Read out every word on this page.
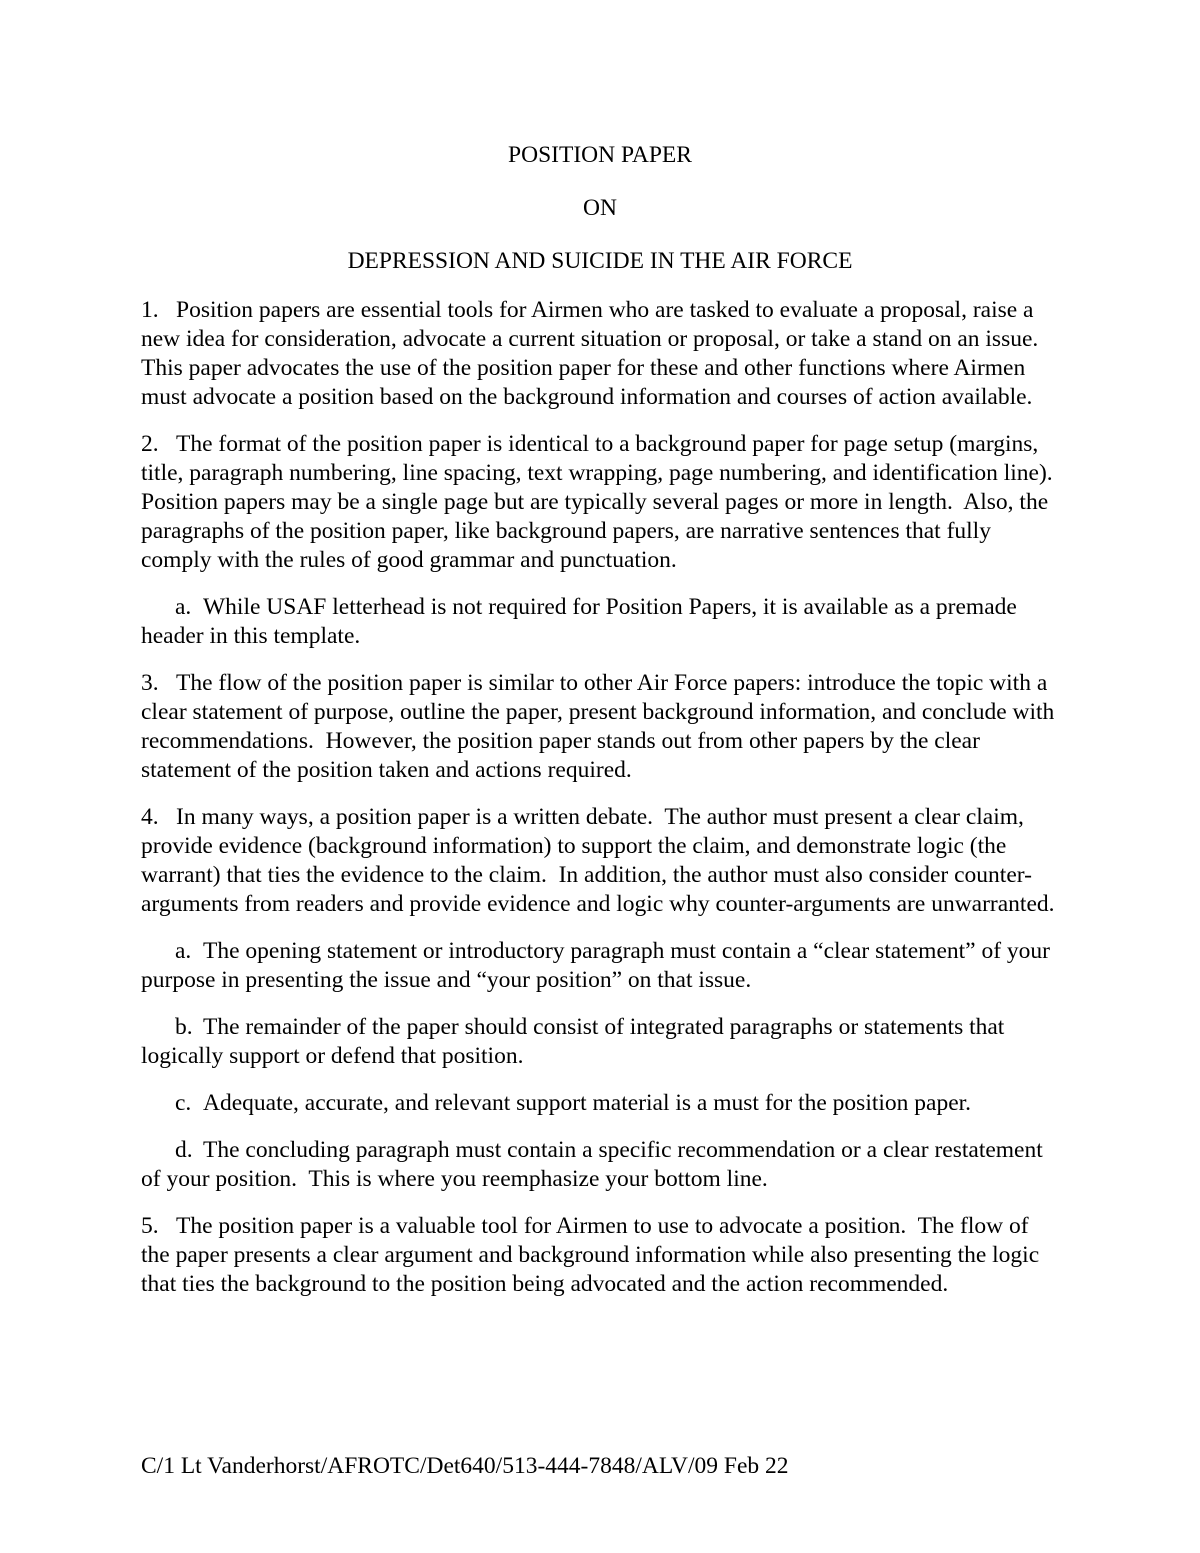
POSITION PAPER
ON
DEPRESSION AND SUICIDE IN THE AIR FORCE

1. Position papers are essential tools for Airmen who are tasked to evaluate a proposal, raise a new idea for consideration, advocate a current situation or proposal, or take a stand on an issue.  This paper advocates the use of the position paper for these and other functions where Airmen must advocate a position based on the background information and courses of action available.

2. The format of the position paper is identical to a background paper for page setup (margins, title, paragraph numbering, line spacing, text wrapping, page numbering, and identification line).  Position papers may be a single page but are typically several pages or more in length.  Also, the paragraphs of the position paper, like background papers, are narrative sentences that fully comply with the rules of good grammar and punctuation.

a. While USAF letterhead is not required for Position Papers, it is available as a premade header in this template.

3. The flow of the position paper is similar to other Air Force papers: introduce the topic with a clear statement of purpose, outline the paper, present background information, and conclude with recommendations.  However, the position paper stands out from other papers by the clear statement of the position taken and actions required.

4. In many ways, a position paper is a written debate.  The author must present a clear claim, provide evidence (background information) to support the claim, and demonstrate logic (the warrant) that ties the evidence to the claim.  In addition, the author must also consider counter-arguments from readers and provide evidence and logic why counter-arguments are unwarranted.

a. The opening statement or introductory paragraph must contain a “clear statement” of your purpose in presenting the issue and “your position” on that issue.

b. The remainder of the paper should consist of integrated paragraphs or statements that logically support or defend that position.

c. Adequate, accurate, and relevant support material is a must for the position paper.

d. The concluding paragraph must contain a specific recommendation or a clear restatement of your position.  This is where you reemphasize your bottom line.

5. The position paper is a valuable tool for Airmen to use to advocate a position.  The flow of the paper presents a clear argument and background information while also presenting the logic that ties the background to the position being advocated and the action recommended.

C/1 Lt Vanderhorst/AFROTC/Det640/513-444-7848/ALV/09 Feb 22
